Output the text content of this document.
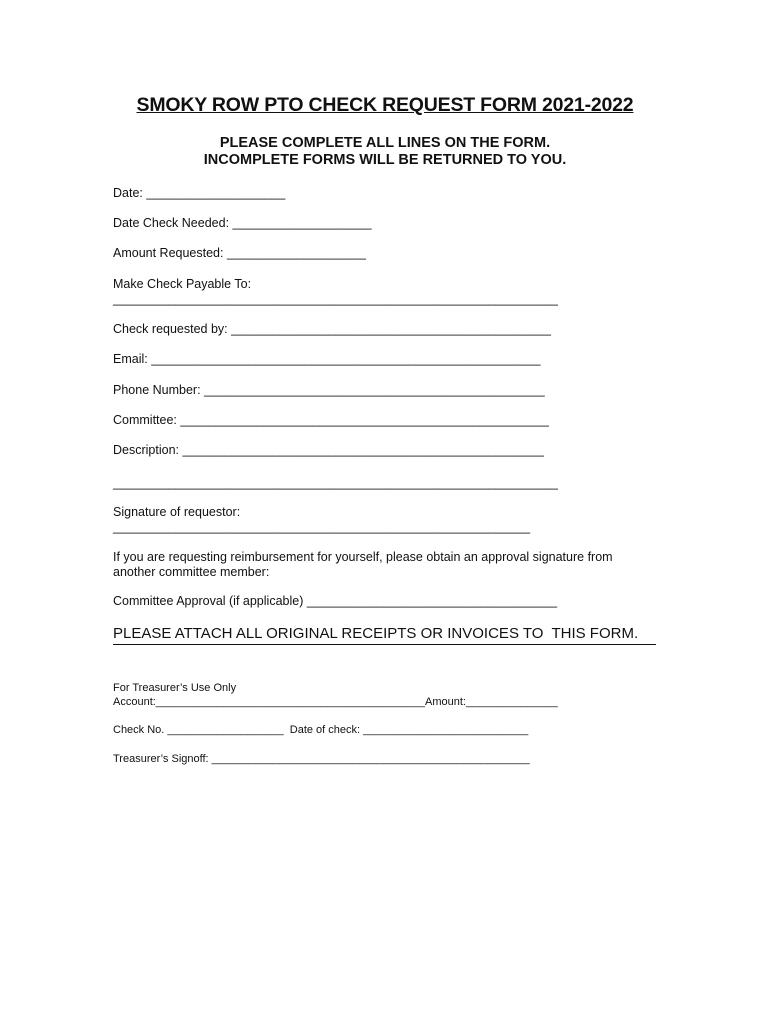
SMOKY ROW PTO CHECK REQUEST FORM 2021-2022
PLEASE COMPLETE ALL LINES ON THE FORM.
INCOMPLETE FORMS WILL BE RETURNED TO YOU.
Date: ____________________
Date Check Needed: ____________________
Amount Requested: ____________________
Make Check Payable To:
________________________________________________________________
Check requested by: ______________________________________________
Email: ________________________________________________________
Phone Number: _________________________________________________
Committee: _____________________________________________________
Description: ____________________________________________________
________________________________________________________________
Signature of requestor:
____________________________________________________________
If you are requesting reimbursement for yourself, please obtain an approval signature from
another committee member:
Committee Approval (if applicable) ____________________________________
PLEASE ATTACH ALL ORIGINAL RECEIPTS OR INVOICES TO  THIS FORM.
For Treasurer’s Use Only
Account:____________________________________________Amount:_______________
Check No. ___________________  Date of check: ___________________________
Treasurer’s Signoff: ____________________________________________________
